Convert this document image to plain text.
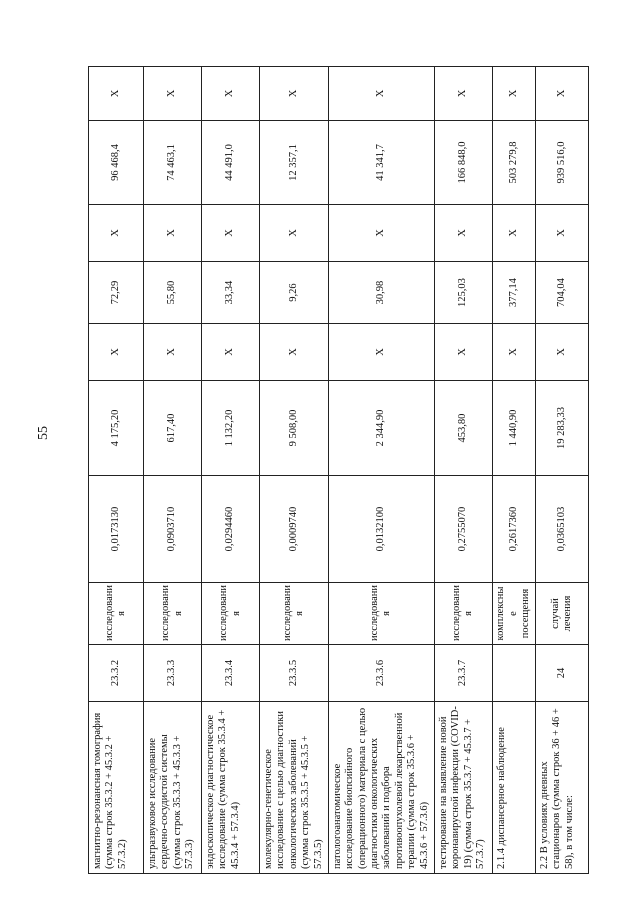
55
магнитно-резонансная томография (сумма строк 35.3.2 + 45.3.2 + 57.3.2)	23.3.2	исследовани я	0,0173130	4 175,20	X	72,29	X	96 468,4	X
ультразвуковое исследование сердечно-сосудистой системы (сумма строк 35.3.3 + 45.3.3 + 57.3.3)	23.3.3	исследовани я	0,0903710	617,40	X	55,80	X	74 463,1	X
эндоскопическое диагностическое исследование (сумма строк 35.3.4 + 45.3.4 + 57.3.4)	23.3.4	исследовани я	0,0294460	1 132,20	X	33,34	X	44 491,0	X
молекулярно-генетическое исследование с целью диагностики онкологических заболеваний (сумма строк 35.3.5 + 45.3.5 + 57.3.5)	23.3.5	исследовани я	0,0009740	9 508,00	X	9,26	X	12 357,1	X
патологоанатомическое исследование биопсийного (операционного) материала с целью диагностики онкологических заболеваний и подбора противоопухолевой лекарственной терапии (сумма строк 35.3.6 + 45.3.6 + 57.3.6)	23.3.6	исследовани я	0,0132100	2 344,90	X	30,98	X	41 341,7	X
тестирование на выявление новой коронавирусной инфекции (COVID-19) (сумма строк 35.3.7 + 45.3.7 + 57.3.7)	23.3.7	исследовани я	0,2755070	453,80	X	125,03	X	166 848,0	X
2.1.4 диспансерное наблюдение		комплексны е посещения	0,2617360	1 440,90	X	377,14	X	503 279,8	X
2.2 В условиях дневных стационаров (сумма строк 36 + 46 + 58), в том числе:	24	случай лечения	0,0365103	19 283,33	X	704,04	X	939 516,0	X
